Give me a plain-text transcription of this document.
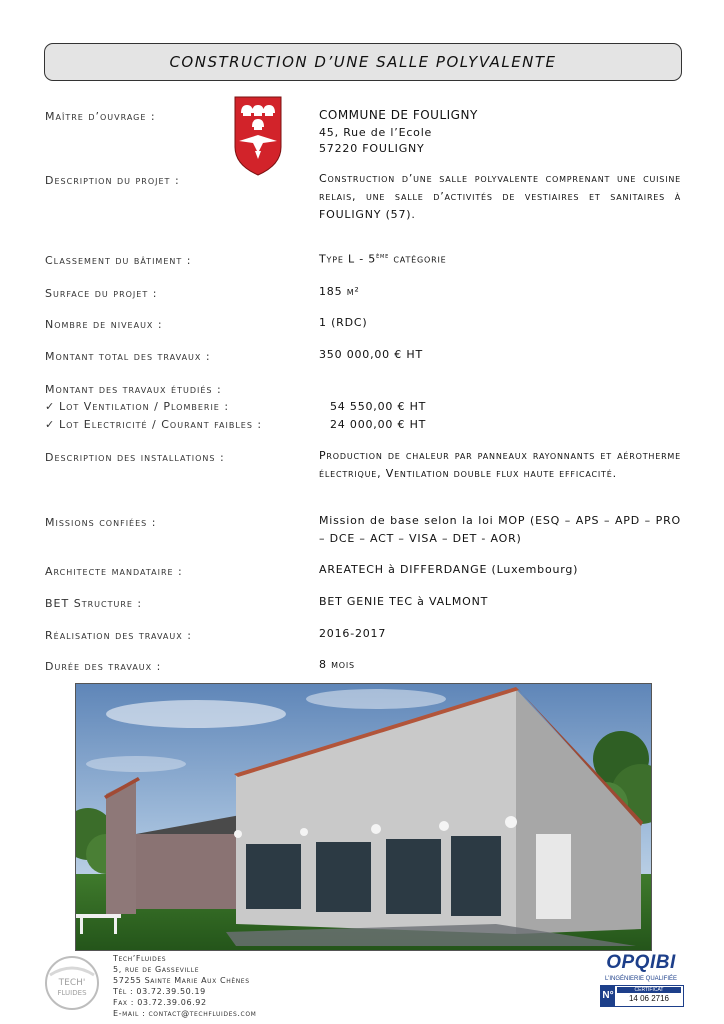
CONSTRUCTION D’UNE SALLE POLYVALENTE
Maître d’ouvrage :	COMMUNE DE FOULIGNY
45, Rue de l’Ecole
57220 FOULIGNY
Description du projet :	Construction d’une salle polyvalente comprenant une cuisine relais, une salle d’activités de vestiaires et sanitaires à FOULIGNY (57).
Classement du bâtiment :	Type L - 5ème catégorie
Surface du projet :	185 m²
Nombre de niveaux :	1 (RDC)
Montant total des travaux :	350 000,00 € HT
Montant des travaux étudiés :
✓ Lot Ventilation / Plomberie :	54 550,00 € HT
✓ Lot Electricité / Courant faibles :	24 000,00 € HT
Description des installations :	Production de chaleur par panneaux rayonnants et aérotherme électrique, Ventilation double flux haute efficacité.
Missions confiées :	Mission de base selon la loi MOP (ESQ – APS – APD – PRO – DCE – ACT – VISA – DET - AOR)
Architecte mandataire :	AREATECH à DIFFERDANGE (Luxembourg)
BET Structure :	BET GENIE TEC à VALMONT
Réalisation des travaux :	2016-2017
Durée des travaux :	8 mois
TECH'
FLUIDES
Tech’Fluides
5, rue de Gasseville
57255 Sainte Marie Aux Chênes
Tél : 03.72.39.50.19
Fax : 03.72.39.06.92
E-mail : contact@techfluides.com
OPQIBI
L’INGÉNIERIE QUALIFIÉE
N°	CERTIFICAT
14 06 2716
